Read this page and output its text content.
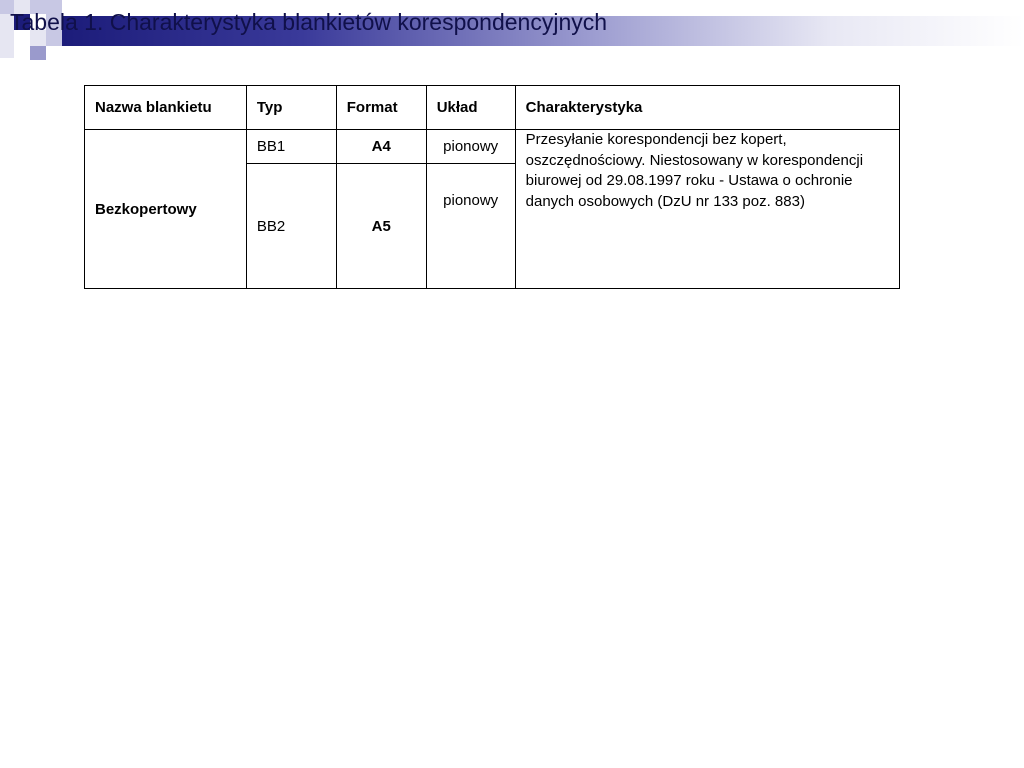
Tabela 1. Charakterystyka blankietów korespondencyjnych
Nazwa blankietu	Typ	Format	Układ	Charakterystyka
Bezkopertowy	BB1	A4	pionowy	Przesyłanie korespondencji bez kopert, oszczędnościowy. Niestosowany w korespondencji biurowej od 29.08.1997 roku - Ustawa o ochronie danych osobowych (DzU nr 133 poz. 883)
	BB2	A5	pionowy	
